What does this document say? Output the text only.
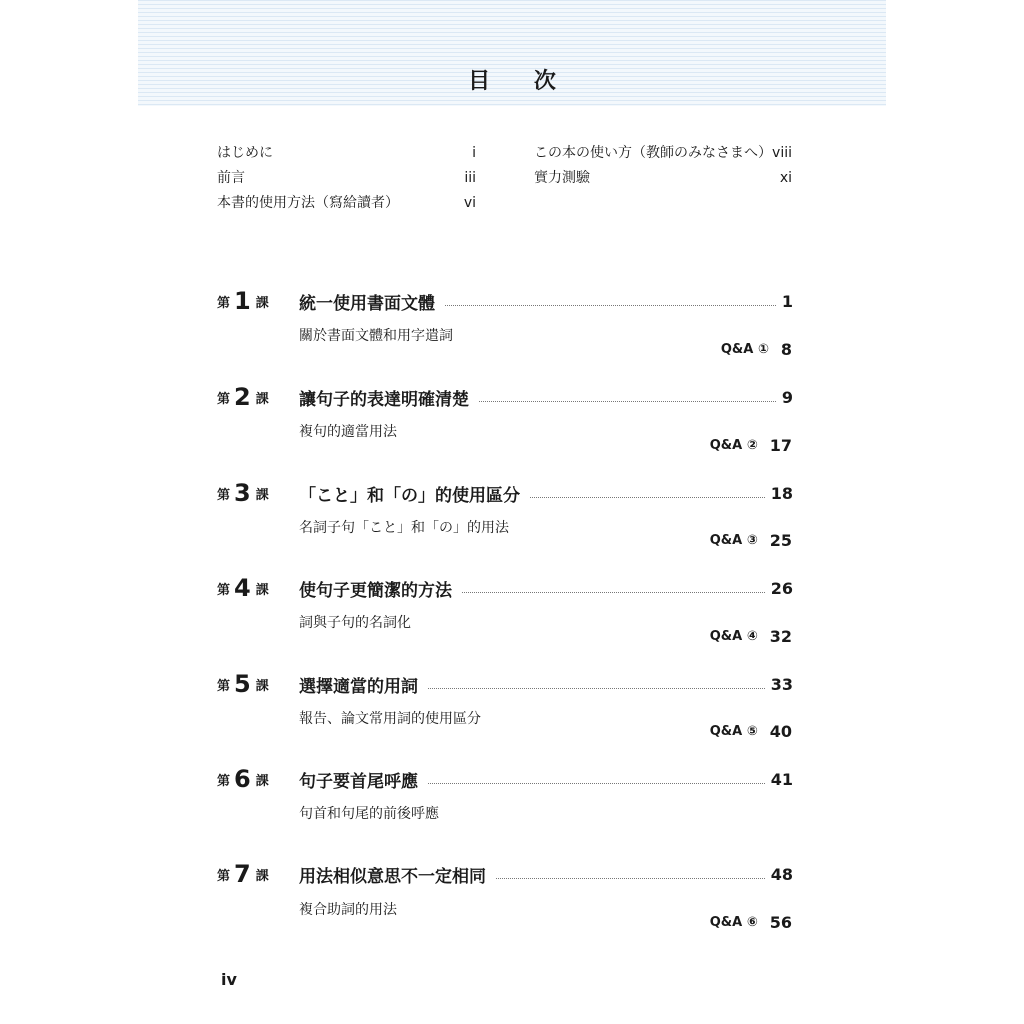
目 次
はじめに	i
前言	iii
本書的使用方法（寫給讀者）	vi
この本の使い方（教師のみなさまへ） viii
實力測驗	xi
第 1 課 統一使用書面文體	1
關於書面文體和用字遣詞
Q&A ① 8
第 2 課 讓句子的表達明確清楚	9
複句的適當用法
Q&A ② 17
第 3 課 「こと」和「の」的使用區分	18
名詞子句「こと」和「の」的用法
Q&A ③ 25
第 4 課 使句子更簡潔的方法	26
詞與子句的名詞化
Q&A ④ 32
第 5 課 選擇適當的用詞	33
報告、論文常用詞的使用區分
Q&A ⑤ 40
第 6 課 句子要首尾呼應	41
句首和句尾的前後呼應
第 7 課 用法相似意思不一定相同	48
複合助詞的用法
Q&A ⑥ 56
iv
